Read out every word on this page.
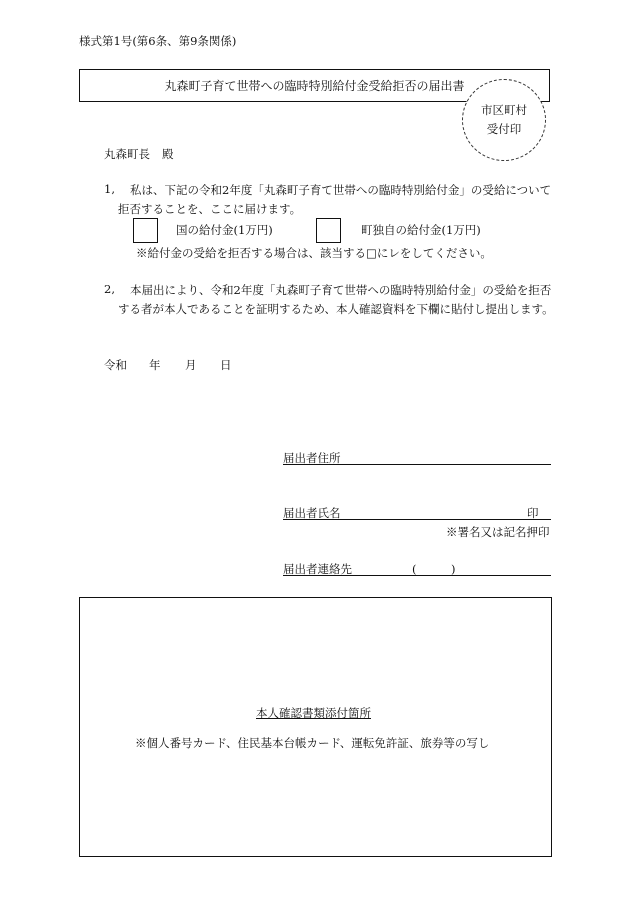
様式第1号(第6条、第9条関係)
丸森町子育て世帯への臨時特別給付金受給拒否の届出書
市区町村
受付印
丸森町長 殿
1, 私は、下記の令和2年度「丸森町子育て世帯への臨時特別給付金」の受給について
拒否することを、ここに届けます。
国の給付金(1万円)	町独自の給付金(1万円)
※給付金の受給を拒否する場合は、該当する□にレをしてください。
2, 本届出により、令和2年度「丸森町子育て世帯への臨時特別給付金」の受給を拒否
する者が本人であることを証明するため、本人確認資料を下欄に貼付し提出します。
令和 年 月 日
届出者住所
届出者氏名	印
※署名又は記名押印
届出者連絡先	(　　　)
本人確認書類添付箇所
※個人番号カード、住民基本台帳カード、運転免許証、旅券等の写し
